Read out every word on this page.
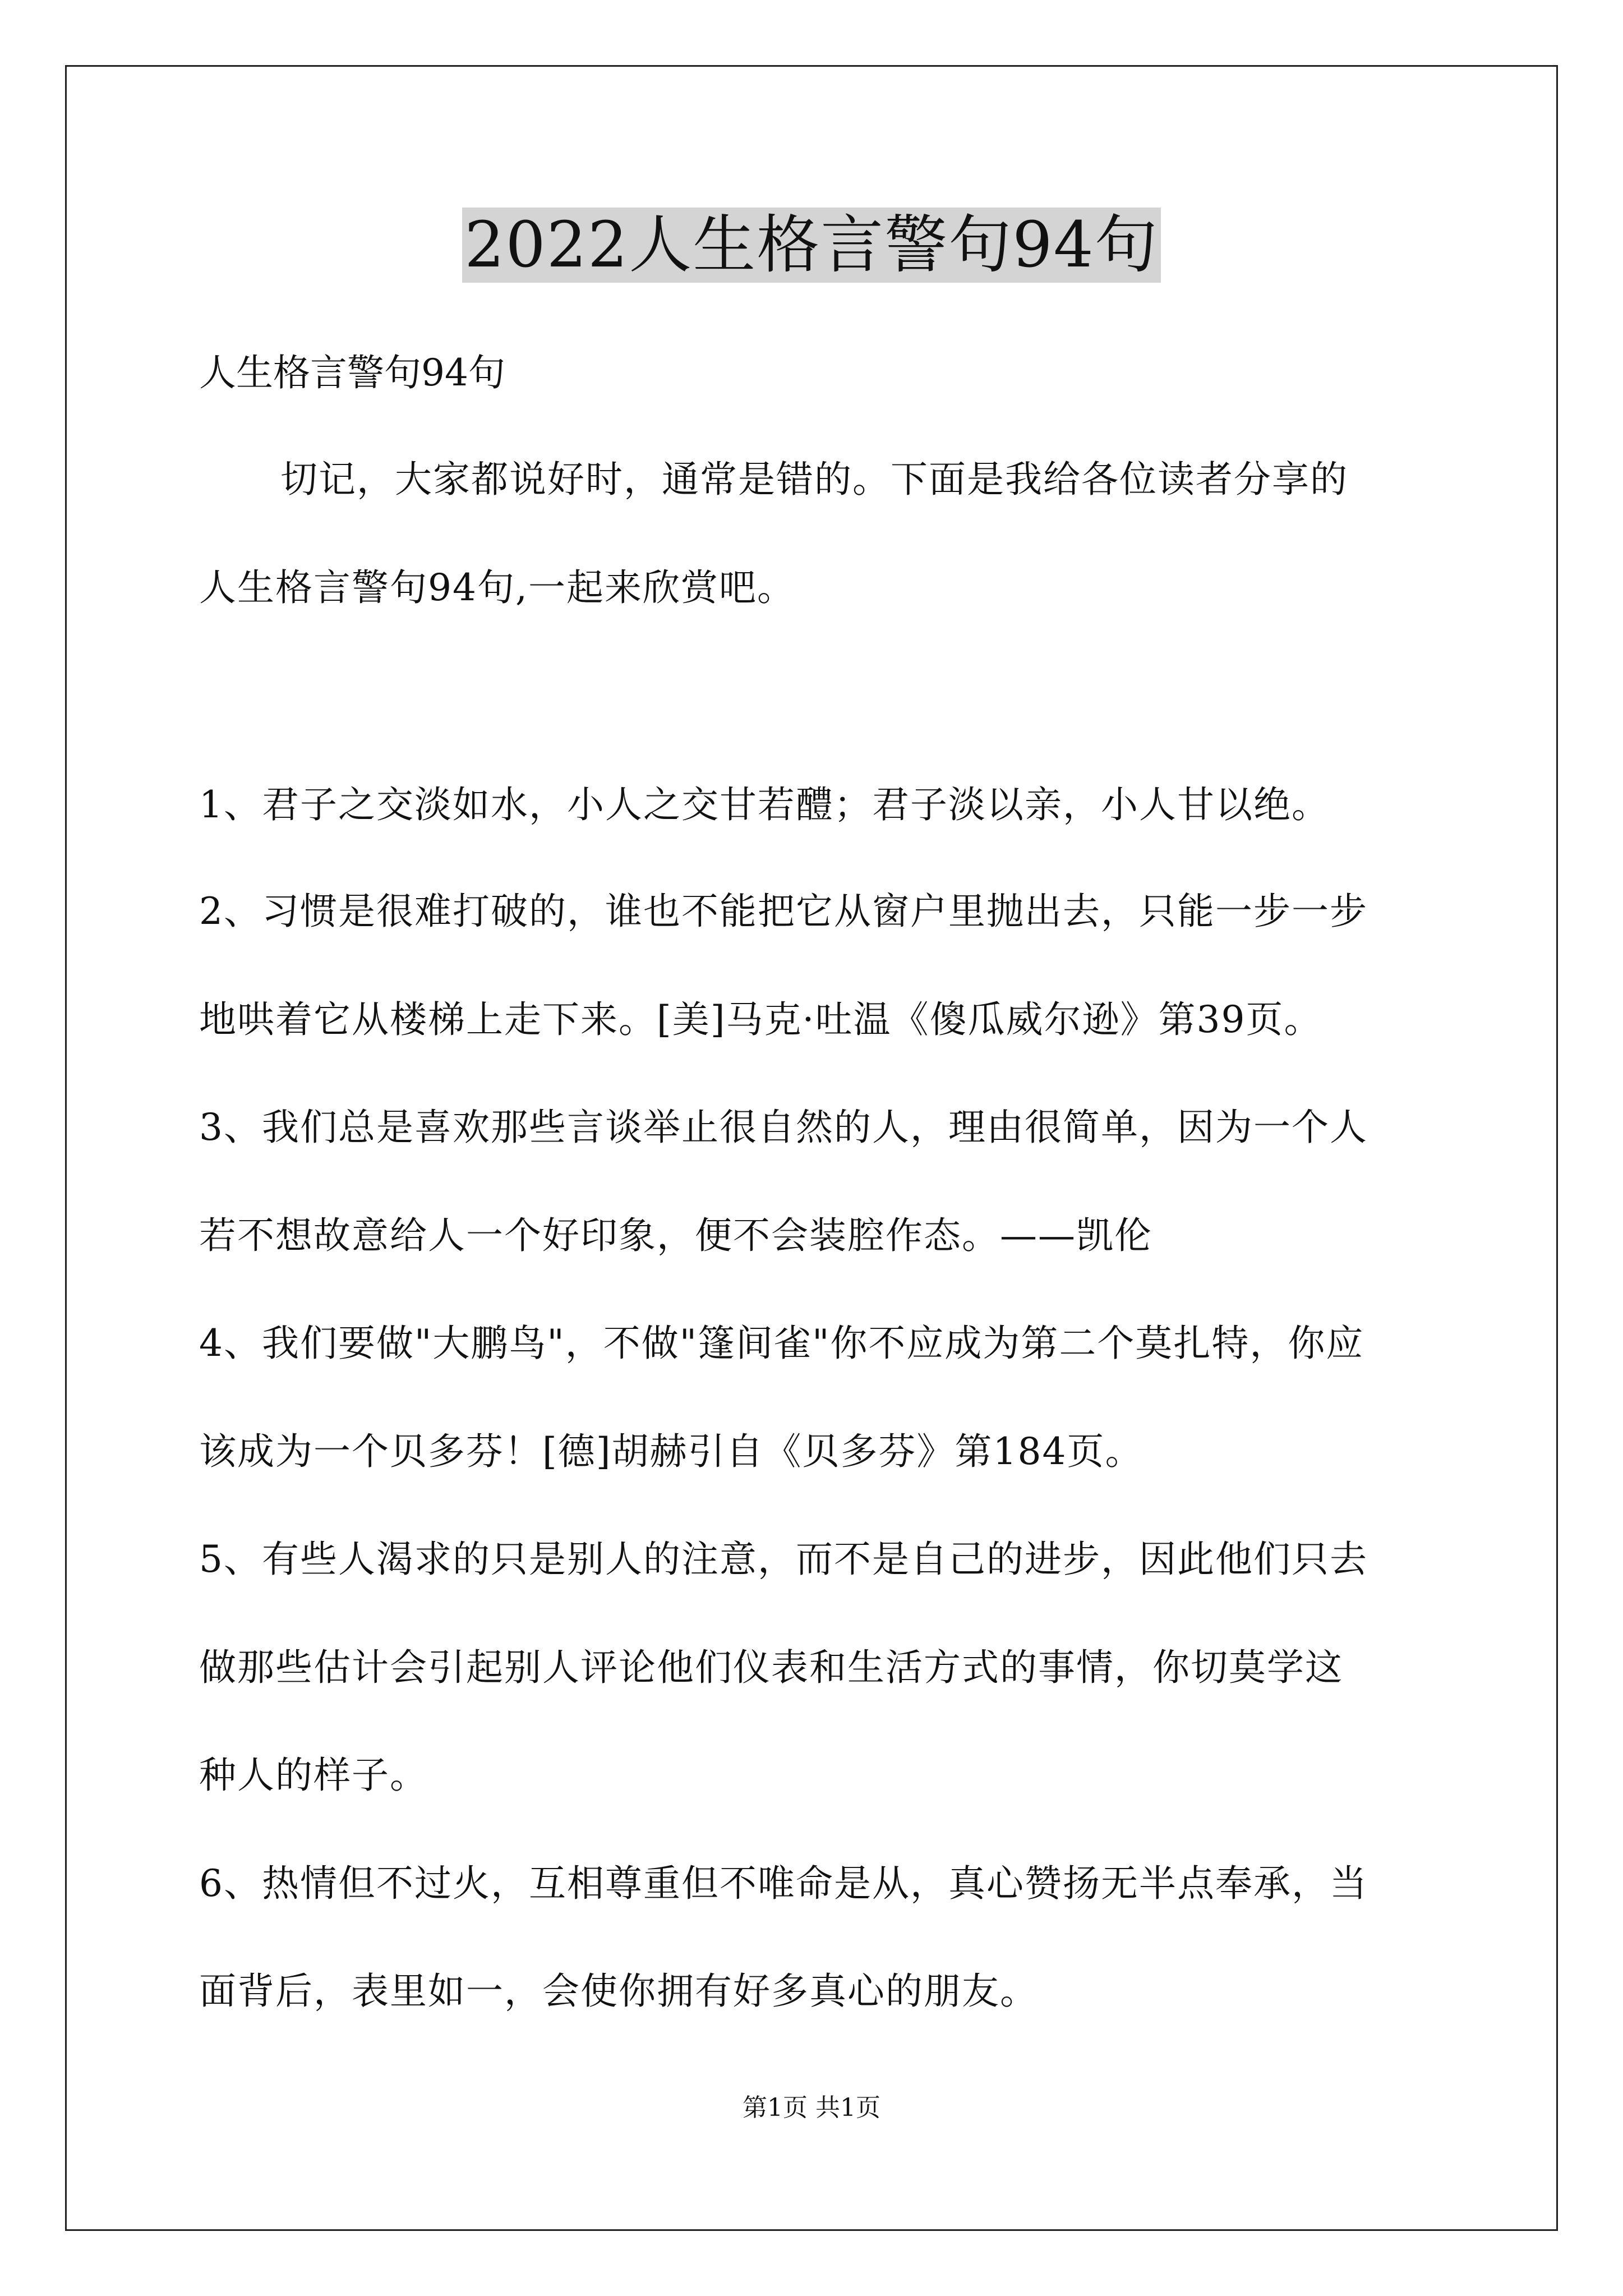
2022人生格言警句94句
人生格言警句94句
切记，大家都说好时，通常是错的。下面是我给各位读者分享的
人生格言警句94句,一起来欣赏吧。
1、君子之交淡如水，小人之交甘若醴；君子淡以亲，小人甘以绝。
2、习惯是很难打破的，谁也不能把它从窗户里抛出去，只能一步一步
地哄着它从楼梯上走下来。[美]马克·吐温《傻瓜威尔逊》第39页。
3、我们总是喜欢那些言谈举止很自然的人，理由很简单，因为一个人
若不想故意给人一个好印象，便不会装腔作态。——凯伦
4、我们要做"大鹏鸟"，不做"篷间雀"你不应成为第二个莫扎特，你应
该成为一个贝多芬！[德]胡赫引自《贝多芬》第184页。
5、有些人渴求的只是别人的注意，而不是自己的进步，因此他们只去
做那些估计会引起别人评论他们仪表和生活方式的事情，你切莫学这
种人的样子。
6、热情但不过火，互相尊重但不唯命是从，真心赞扬无半点奉承，当
面背后，表里如一，会使你拥有好多真心的朋友。
第1页 共1页
